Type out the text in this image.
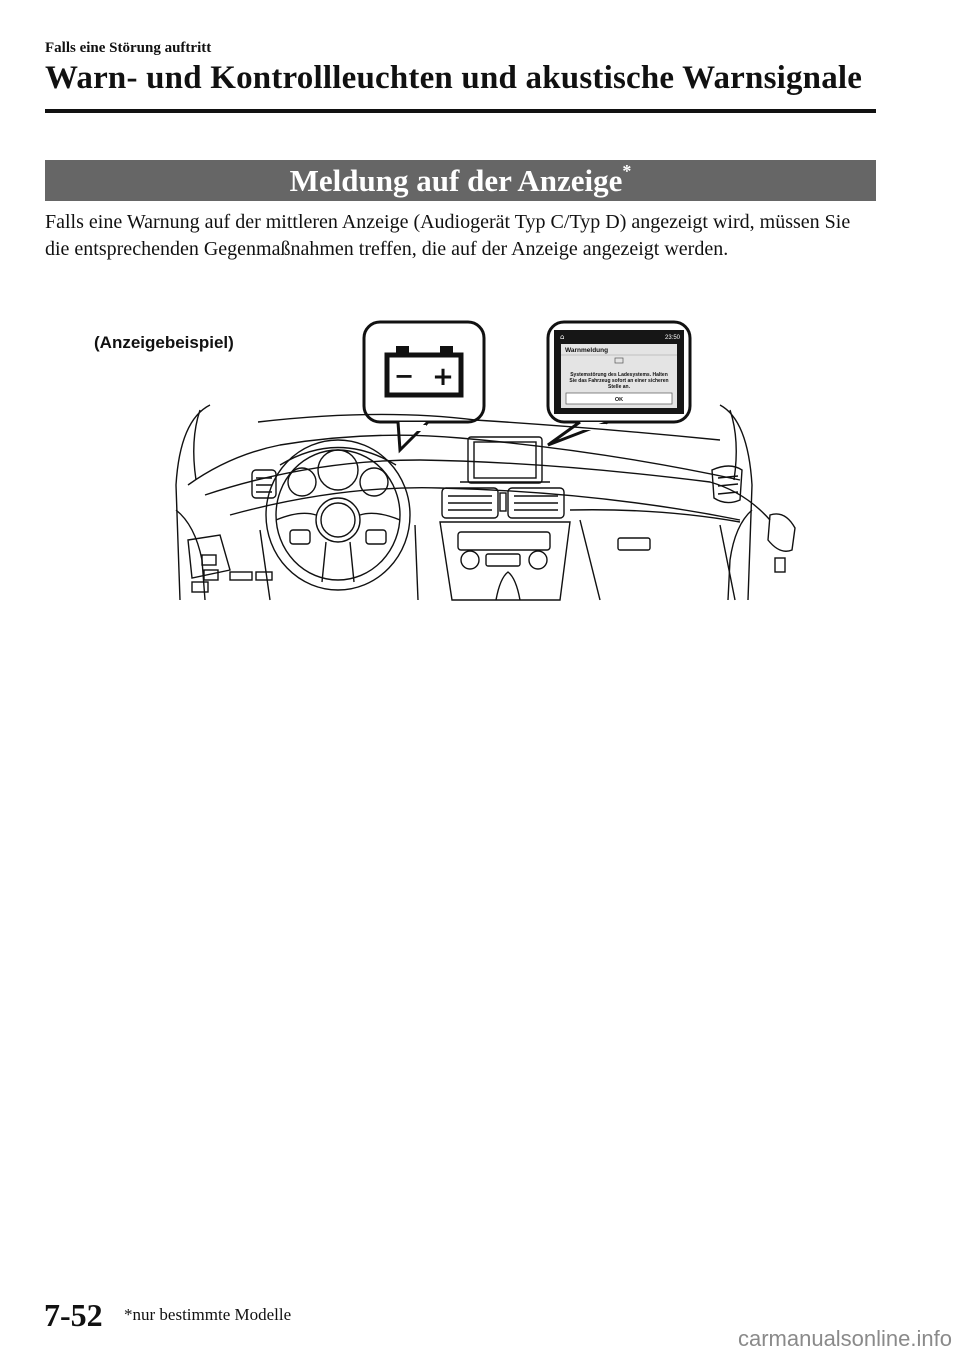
Falls eine Störung auftritt
Warn- und Kontrollleuchten und akustische Warnsignale
Meldung auf der Anzeige*
Falls eine Warnung auf der mittleren Anzeige (Audiogerät Typ C/Typ D) angezeigt wird, müssen Sie die entsprechenden Gegenmaßnahmen treffen, die auf der Anzeige angezeigt werden.
(Anzeigebeispiel)
− +
⌂	23:50
Warnmeldung
Systemstörung des Ladesystems. Halten
Sie das Fahrzeug sofort an einer sicheren
Stelle an.
OK
7-52 *nur bestimmte Modelle
carmanualsonline.info
